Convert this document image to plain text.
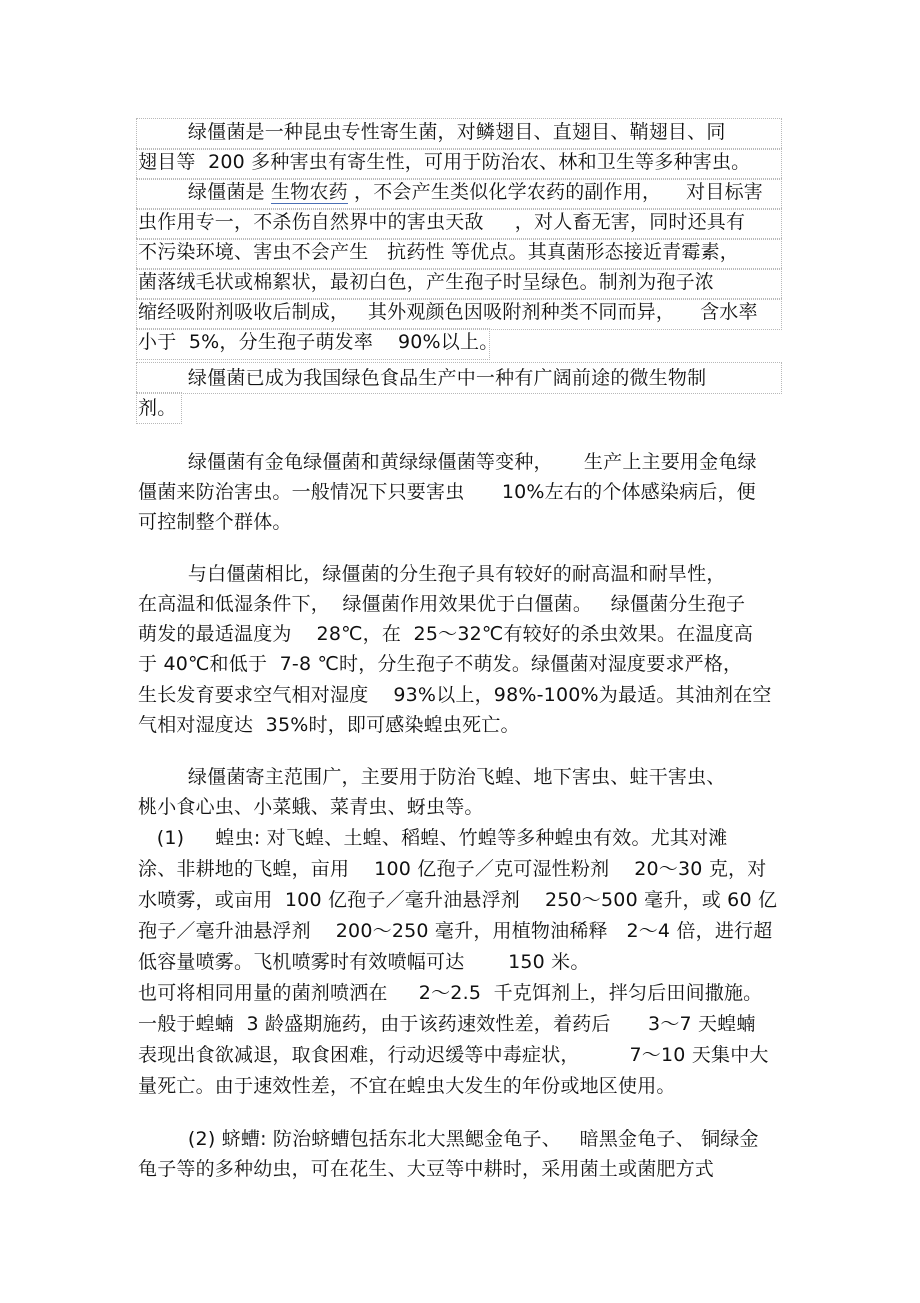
绿僵菌是一种昆虫专性寄生菌，对鳞翅目、直翅目、鞘翅目、同
翅目等  200 多种害虫有寄生性，可用于防治农、林和卫生等多种害虫。
绿僵菌是 生物农药 ，不会产生类似化学农药的副作用，    对目标害
虫作用专一，不杀伤自然界中的害虫天敌     ，对人畜无害，同时还具有
不污染环境、害虫不会产生   抗药性 等优点。其真菌形态接近青霉素，
菌落绒毛状或棉絮状，最初白色，产生孢子时呈绿色。制剂为孢子浓
缩经吸附剂吸收后制成，   其外观颜色因吸附剂种类不同而异，    含水率
小于  5%，分生孢子萌发率    90%以上。
绿僵菌已成为我国绿色食品生产中一种有广阔前途的微生物制
剂。
绿僵菌有金龟绿僵菌和黄绿绿僵菌等变种，     生产上主要用金龟绿
僵菌来防治害虫。一般情况下只要害虫      10%左右的个体感染病后，便
可控制整个群体。
与白僵菌相比，绿僵菌的分生孢子具有较好的耐高温和耐旱性，
在高温和低湿条件下，  绿僵菌作用效果优于白僵菌。   绿僵菌分生孢子
萌发的最适温度为    28℃，在  25～32℃有较好的杀虫效果。在温度高
于 40℃和低于  7-8 ℃时，分生孢子不萌发。绿僵菌对湿度要求严格，
生长发育要求空气相对湿度    93%以上，98%-100%为最适。其油剂在空
气相对湿度达  35%时，即可感染蝗虫死亡。
绿僵菌寄主范围广，主要用于防治飞蝗、地下害虫、蛀干害虫、
桃小食心虫、小菜蛾、菜青虫、蚜虫等。
(1)     蝗虫: 对飞蝗、土蝗、稻蝗、竹蝗等多种蝗虫有效。尤其对滩
涂、非耕地的飞蝗，亩用    100 亿孢子／克可湿性粉剂    20～30 克，对
水喷雾，或亩用  100 亿孢子／毫升油悬浮剂    250～500 毫升，或 60 亿
孢子／毫升油悬浮剂    200～250 毫升，用植物油稀释   2～4 倍，进行超
低容量喷雾。飞机喷雾时有效喷幅可达       150 米。
也可将相同用量的菌剂喷洒在     2～2.5  千克饵剂上，拌匀后田间撒施。
一般于蝗蝻  3 龄盛期施药，由于该药速效性差，着药后      3～7 天蝗蝻
表现出食欲减退，取食困难，行动迟缓等中毒症状，        7～10 天集中大
量死亡。由于速效性差，不宜在蝗虫大发生的年份或地区使用。
(2) 蛴螬: 防治蛴螬包括东北大黑鳃金龟子、   暗黑金龟子、 铜绿金
龟子等的多种幼虫，可在花生、大豆等中耕时，采用菌土或菌肥方式
